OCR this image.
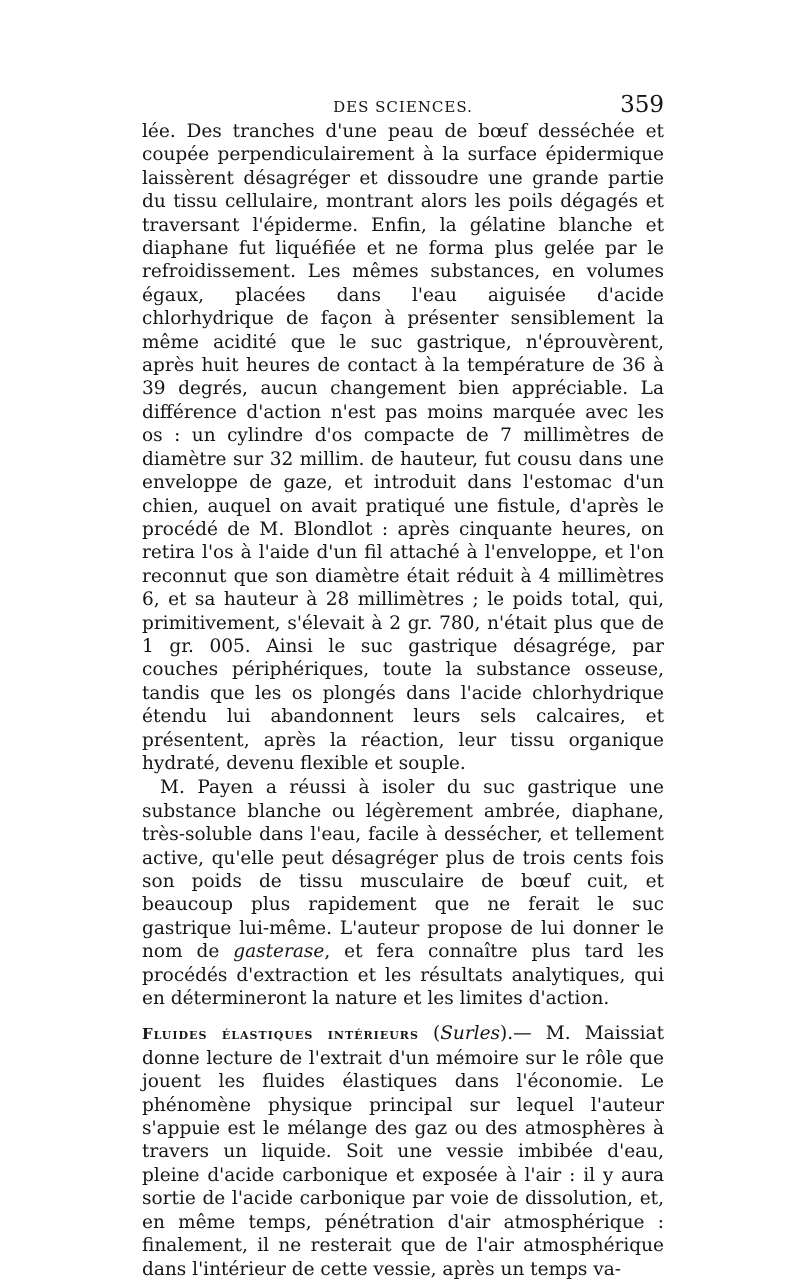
DES SCIENCES.	359

lée. Des tranches d'une peau de bœuf desséchée et coupée perpendiculairement à la surface épidermique laissèrent désagréger et dissoudre une grande partie du tissu cellulaire, montrant alors les poils dégagés et traversant l'épiderme. Enfin, la gélatine blanche et diaphane fut liquéfiée et ne forma plus gelée par le refroidissement. Les mêmes substances, en volumes égaux, placées dans l'eau aiguisée d'acide chlorhydrique de façon à présenter sensiblement la même acidité que le suc gastrique, n'éprouvèrent, après huit heures de contact à la température de 36 à 39 degrés, aucun changement bien appréciable. La différence d'action n'est pas moins marquée avec les os : un cylindre d'os compacte de 7 millimètres de diamètre sur 32 millim. de hauteur, fut cousu dans une enveloppe de gaze, et introduit dans l'estomac d'un chien, auquel on avait pratiqué une fistule, d'après le procédé de M. Blondlot : après cinquante heures, on retira l'os à l'aide d'un fil attaché à l'enveloppe, et l'on reconnut que son diamètre était réduit à 4 millimètres 6, et sa hauteur à 28 millimètres ; le poids total, qui, primitivement, s'élevait à 2 gr. 780, n'était plus que de 1 gr. 005. Ainsi le suc gastrique désagrége, par couches périphériques, toute la substance osseuse, tandis que les os plongés dans l'acide chlorhydrique étendu lui abandonnent leurs sels calcaires, et présentent, après la réaction, leur tissu organique hydraté, devenu flexible et souple.

M. Payen a réussi à isoler du suc gastrique une substance blanche ou légèrement ambrée, diaphane, très-soluble dans l'eau, facile à dessécher, et tellement active, qu'elle peut désagréger plus de trois cents fois son poids de tissu musculaire de bœuf cuit, et beaucoup plus rapidement que ne ferait le suc gastrique lui-même. L'auteur propose de lui donner le nom de gasterase, et fera connaître plus tard les procédés d'extraction et les résultats analytiques, qui en détermineront la nature et les limites d'action.

Fluides élastiques intérieurs (Surles).— M. Maissiat donne lecture de l'extrait d'un mémoire sur le rôle que jouent les fluides élastiques dans l'économie. Le phénomène physique principal sur lequel l'auteur s'appuie est le mélange des gaz ou des atmosphères à travers un liquide. Soit une vessie imbibée d'eau, pleine d'acide carbonique et exposée à l'air : il y aura sortie de l'acide carbonique par voie de dissolution, et, en même temps, pénétration d'air atmosphérique : finalement, il ne resterait que de l'air atmosphérique dans l'intérieur de cette vessie, après un temps va-
